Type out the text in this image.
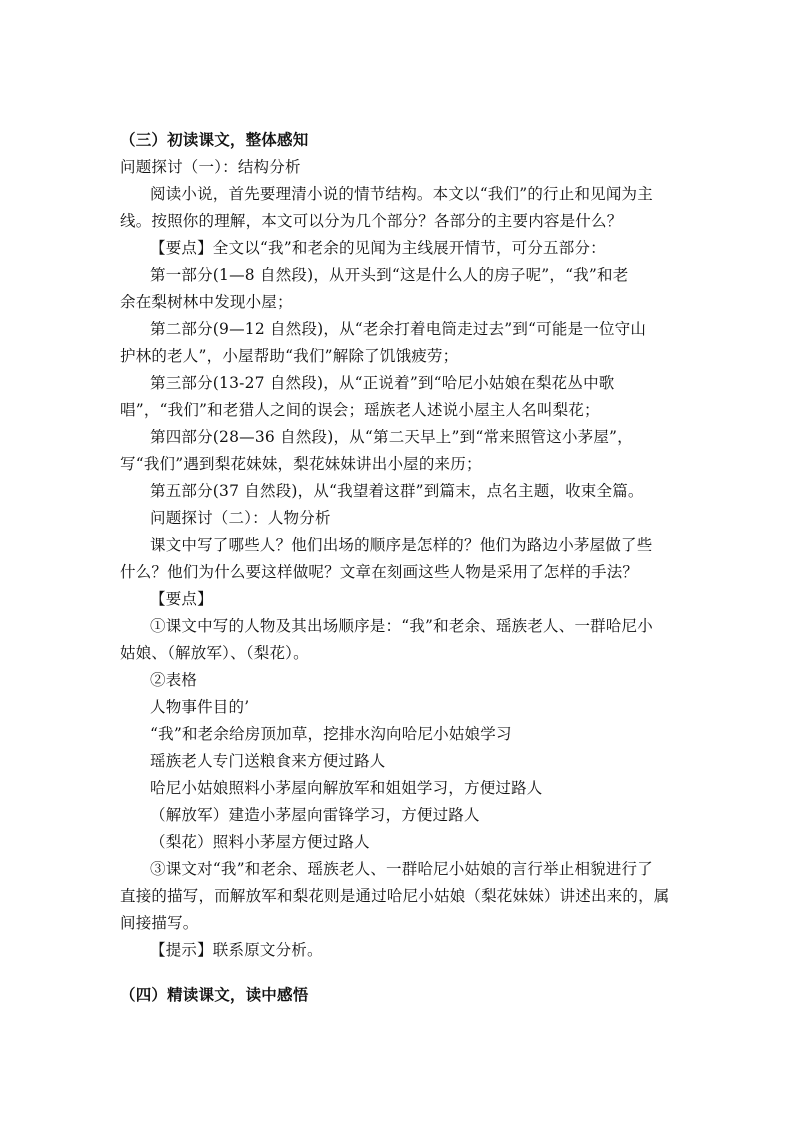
（三）初读课文，整体感知
问题探讨（一）：结构分析
阅读小说，首先要理清小说的情节结构。本文以“我们”的行止和见闻为主
线。按照你的理解，本文可以分为几个部分？各部分的主要内容是什么？
【要点】全文以“我”和老余的见闻为主线展开情节，可分五部分：
第一部分(1—8 自然段)，从开头到“这是什么人的房子呢”，“我”和老
余在梨树林中发现小屋；
第二部分(9—12 自然段)，从“老余打着电筒走过去”到“可能是一位守山
护林的老人”，小屋帮助“我们”解除了饥饿疲劳；
第三部分(13-27 自然段)，从“正说着”到“哈尼小姑娘在梨花丛中歌
唱”，“我们”和老猎人之间的误会；瑶族老人述说小屋主人名叫梨花；
第四部分(28—36 自然段)，从“第二天早上”到“常来照管这小茅屋”，
写“我们”遇到梨花妹妹，梨花妹妹讲出小屋的来历；
第五部分(37 自然段)，从“我望着这群”到篇末，点名主题，收束全篇。
问题探讨（二）：人物分析
课文中写了哪些人？他们出场的顺序是怎样的？他们为路边小茅屋做了些
什么？他们为什么要这样做呢？文章在刻画这些人物是采用了怎样的手法？
【要点】
①课文中写的人物及其出场顺序是：“我”和老余、瑶族老人、一群哈尼小
姑娘、（解放军）、（梨花）。
②表格
人物事件目的’
“我”和老余给房顶加草，挖排水沟向哈尼小姑娘学习
瑶族老人专门送粮食来方便过路人
哈尼小姑娘照料小茅屋向解放军和姐姐学习，方便过路人
（解放军）建造小茅屋向雷锋学习，方便过路人
（梨花）照料小茅屋方便过路人
③课文对“我”和老余、瑶族老人、一群哈尼小姑娘的言行举止相貌进行了
直接的描写，而解放军和梨花则是通过哈尼小姑娘（梨花妹妹）讲述出来的，属
间接描写。
【提示】联系原文分析。
（四）精读课文，读中感悟
